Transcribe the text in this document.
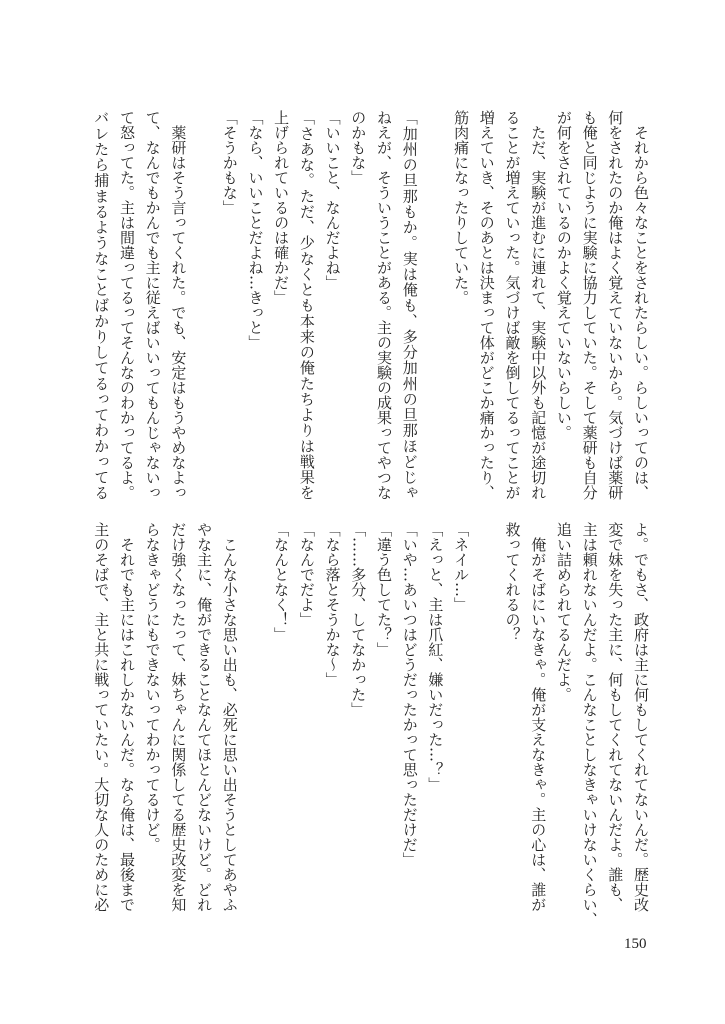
それから色々なことをされたらしい。らしいってのは、
何をされたのか俺はよく覚えていないから。気づけば薬研
も俺と同じように実験に協力していた。そして薬研も自分
が何をされているのかよく覚えていないらしい。
ただ、実験が進むに連れて、実験中以外も記憶が途切れ
ることが増えていった。気づけば敵を倒してるってことが
増えていき、そのあとは決まって体がどこか痛かったり、
筋肉痛になったりしていた。
「加州の旦那もか。実は俺も、多分加州の旦那ほどじゃ
ねえが、そういうことがある。主の実験の成果ってやつな
のかもな」
「いいこと、なんだよね」
「さあな。ただ、少なくとも本来の俺たちよりは戦果を
上げられているのは確かだ」
「なら、いいことだよね…きっと」
「そうかもな」
薬研はそう言ってくれた。でも、安定はもうやめなよっ
て、なんでもかんでも主に従えばいいってもんじゃないっ
て怒ってた。主は間違ってるってそんなのわかってるよ。
バレたら捕まるようなことばかりしてるってわかってる
よ。でもさ、政府は主に何もしてくれてないんだ。歴史改
変で妹を失った主に、何もしてくれてないんだよ。誰も、
主は頼れないんだよ。こんなことしなきゃいけないくらい、
追い詰められてるんだよ。
俺がそばにいなきゃ。俺が支えなきゃ。主の心は、誰が
救ってくれるの？
「ネイル…」
「えっと、主は爪紅、嫌いだった…？」
「いや…あいつはどうだったかって思っただけだ」
「違う色してた？」
「……多分、してなかった」
「なら落とそうかな〜」
「なんでだよ」
「なんとなく！」
こんな小さな思い出も、必死に思い出そうとしてあやふ
やな主に、俺ができることなんてほとんどないけど。どれ
だけ強くなったって、妹ちゃんに関係してる歴史改変を知
らなきゃどうにもできないってわかってるけど。
それでも主にはこれしかないんだ。なら俺は、最後まで
主のそばで、主と共に戦っていたい。大切な人のために必
150
